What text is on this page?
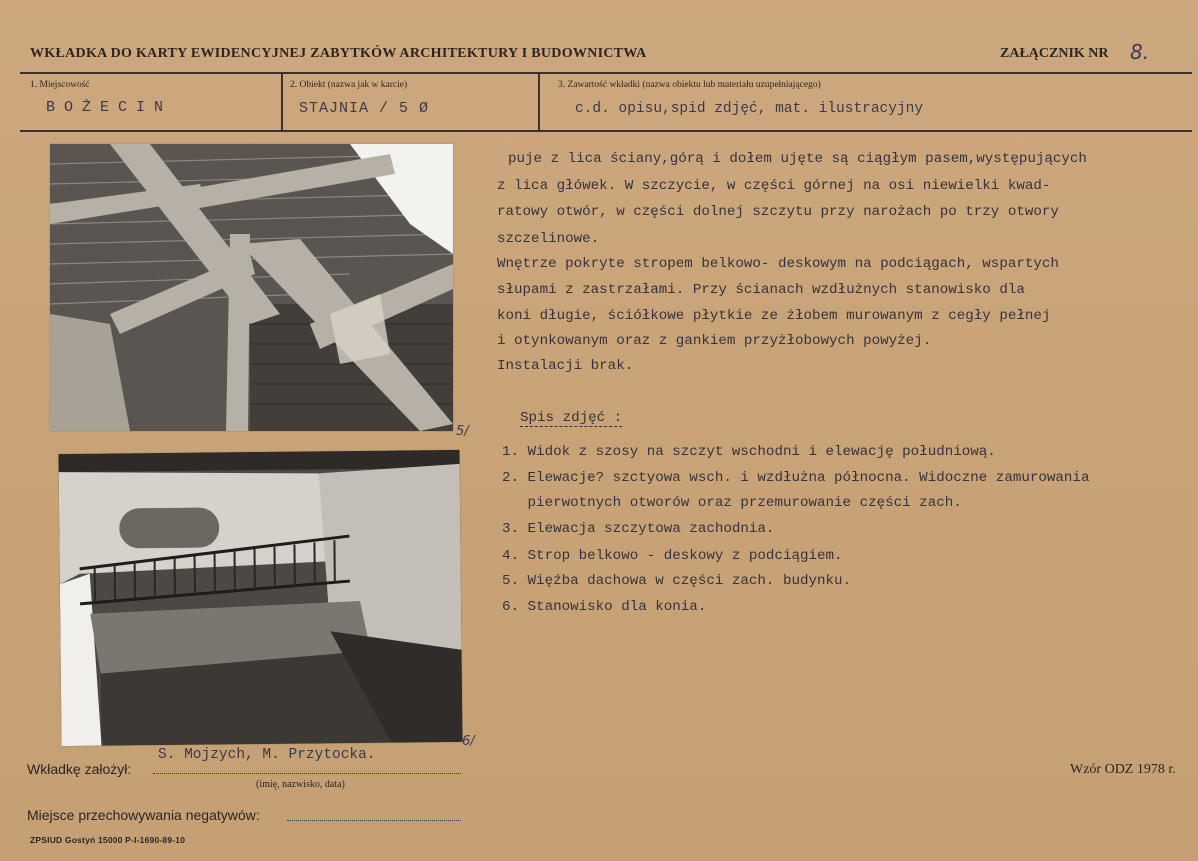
WKŁADKA DO KARTY EWIDENCYJNEJ ZABYTKÓW ARCHITEKTURY I BUDOWNICTWA	ZAŁĄCZNIK NR 8.
1. Miejscowość
BOŻECIN
2. Obiekt (nazwa jak w karcie)
STAJNIA / 5 Ø
3. Zawartość wkładki (nazwa obiektu lub materiału uzupełniającego)
c.d. opisu,spid zdjęć, mat. ilustracyjny
5/
6/
puje z lica ściany,górą i dołem ujęte są ciągłym pasem,występujących
z lica główek. W szczycie, w części górnej na osi niewielki kwad-
ratowy otwór, w części dolnej szczytu przy narożach po trzy otwory
szczelinowe.
Wnętrze pokryte stropem belkowo- deskowym na podciągach, wspartych
słupami z zastrzałami. Przy ścianach wzdłużnych stanowisko dla
koni długie, ściółkowe płytkie ze żłobem murowanym z cegły pełnej
i otynkowanym oraz z gankiem przyżłobowych powyżej.
Instalacji brak.
Spis zdjęć :
1. Widok z szosy na szczyt wschodni i elewację południową.
2. Elewacje? szctyowa wsch. i wzdłużna północna. Widoczne zamurowania
pierwotnych otworów oraz przemurowanie części zach.
3. Elewacja szczytowa zachodnia.
4. Strop belkowo - deskowy z podciągiem.
5. Więźba dachowa w części zach. budynku.
6. Stanowisko dla konia.
Wkładkę założył:
S. Mojzych, M. Przytocka.
(imię, nazwisko, data)
Miejsce przechowywania negatywów:
Wzór ODZ 1978 r.
ZPSIUD Gostyń 15000 P-I-1690-89-10
